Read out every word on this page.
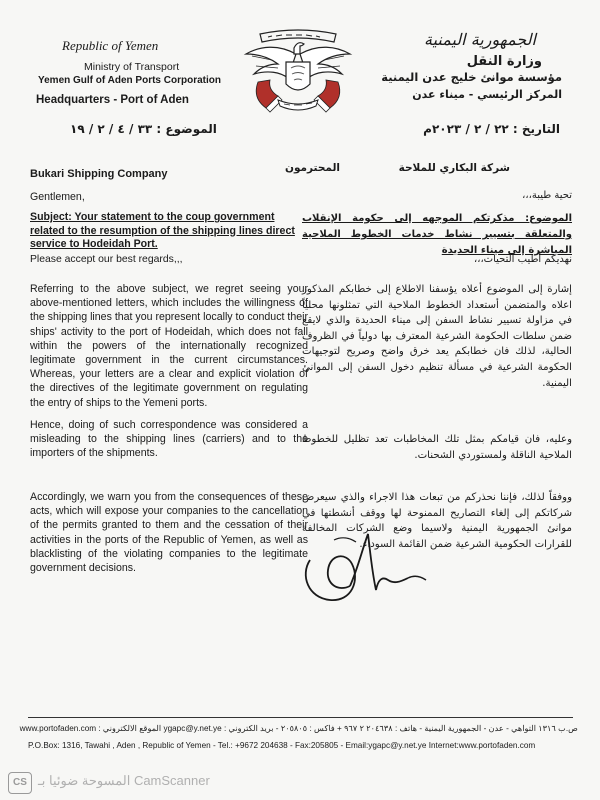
Republic of Yemen
Ministry of Transport
Yemen Gulf of Aden Ports Corporation
Headquarters - Port of Aden
الجمهورية اليمنية
وزارة النقل
مؤسسة موانئ خليج عدن اليمنية
المركز الرئيسي - ميناء عدن
الموضوع : ٣٣ / ٤ / ٢ / ١٩	التاريخ : ٢٢ / ٢ / ٢٠٢٣م
Bukari Shipping Company
Gentlemen,
Subject: Your statement to the coup government related to the resumption of the shipping lines direct service to Hodeidah Port.
Please accept our best regards,,,
Referring to the above subject, we regret seeing your above-mentioned letters, which includes the willingness of the shipping lines that you represent locally to conduct their ships' activity to the port of Hodeidah, which does not fall within the powers of the internationally recognized legitimate government in the current circumstances. Whereas, your letters are a clear and explicit violation of the directives of the legitimate government on regulating the entry of ships to the Yemeni ports.
Hence, doing of such correspondence was considered a misleading to the shipping lines (carriers) and to the importers of the shipments.
Accordingly, we warn you from the consequences of these acts, which will expose your companies to the cancellation of the permits granted to them and the cessation of their activities in the ports of the Republic of Yemen, as well as blacklisting of the violating companies to the legitimate government decisions.
شركة البكاري للملاحة
المحترمون
تحية طيبة،،،
الموضوع: مذكرتكم الموجهه إلى حكومة الإنقلاب والمتعلقة بتسيير نشاط خدمات الخطوط الملاحية المباشرة إلى ميناء الحديدة
نهديكم أطيب التحيات،،،
إشارة إلى الموضوع أعلاه يؤسفنا الاطلاع إلى خطابكم المذكور اعلاه والمتضمن أستعداد الخطوط الملاحية التي تمثلونها محلياً في مزاولة تسيير نشاط السفن إلى ميناء الحديدة والذي لايقع ضمن سلطات الحكومة الشرعية المعترف بها دولياً في الظروف الحالية، لذلك فان خطابكم يعد خرق واضح وصريح لتوجيهات الحكومة الشرعية في مسألة تنظيم دخول السفن إلى الموانئ اليمنية.
وعليه، فان قيامكم بمثل تلك المخاطبات تعد تظليل للخطوط الملاحية الناقلة ولمستوردي الشحنات.
ووفقاً لذلك، فإننا نحذركم من تبعات هذا الاجراء والذي سيعرض شركاتكم إلى إلغاء التصاريح الممنوحة لها ووقف أنشطتها في موانئ الجمهورية اليمنية ولاسيما وضع الشركات المخالفة للقرارات الحكومية الشرعية ضمن القائمة السوداء.
ص.ب ١٣١٦ التواهي - عدن - الجمهورية اليمنية - هاتف : ٢٠٤٦٣٨ ٢ ٩٦٧ + فاكس : ٢٠٥٨٠٥ - بريد الكتروني : ygapc@y.net.ye الموقع الالكتروني : www.portofaden.com
P.O.Box: 1316, Tawahi , Aden , Republic of Yemen - Tel.: +9672 204638 - Fax:205805 - Email:ygapc@y.net.ye Internet:www.portofaden.com
CS المسوحة ضوئيا بـ CamScanner
